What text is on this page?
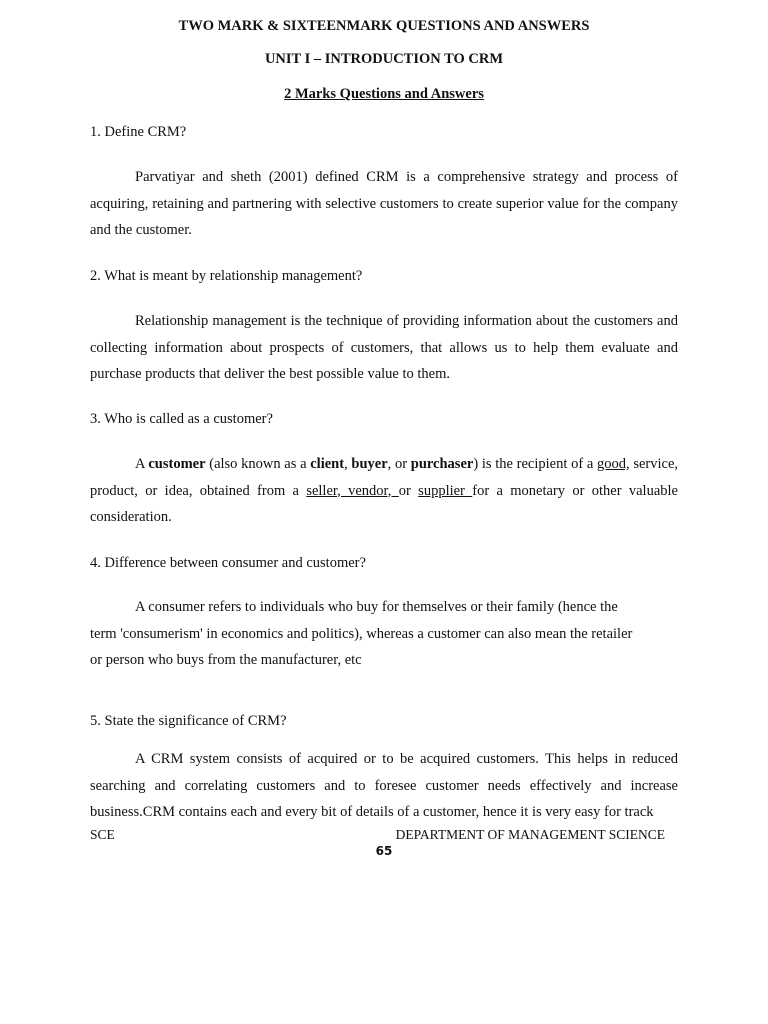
TWO MARK & SIXTEENMARK QUESTIONS AND ANSWERS
UNIT I – INTRODUCTION TO CRM
2 Marks Questions and Answers

1. Define CRM?

Parvatiyar and sheth (2001) defined CRM is a comprehensive strategy and process of acquiring, retaining and partnering with selective customers to create superior value for the company and the customer.

2. What is meant by relationship management?

Relationship management is the technique of providing information about the customers and collecting information about prospects of customers, that allows us to help them evaluate and purchase products that deliver the best possible value to them.

3. Who is called as a customer?

A customer (also known as a client, buyer, or purchaser) is the recipient of a good, service, product, or idea, obtained from a seller, vendor, or supplier for a monetary or other valuable consideration.

4. Difference between consumer and customer?

A consumer refers to individuals who buy for themselves or their family (hence the
term 'consumerism' in economics and politics), whereas a customer can also mean the retailer
or person who buys from the manufacturer, etc

5. State the significance of CRM?

A CRM system consists of acquired or to be acquired customers. This helps in reduced searching and correlating customers and to foresee customer needs effectively and increase business.CRM contains each and every bit of details of a customer, hence it is very easy for track

SCE	DEPARTMENT OF MANAGEMENT SCIENCE
65
